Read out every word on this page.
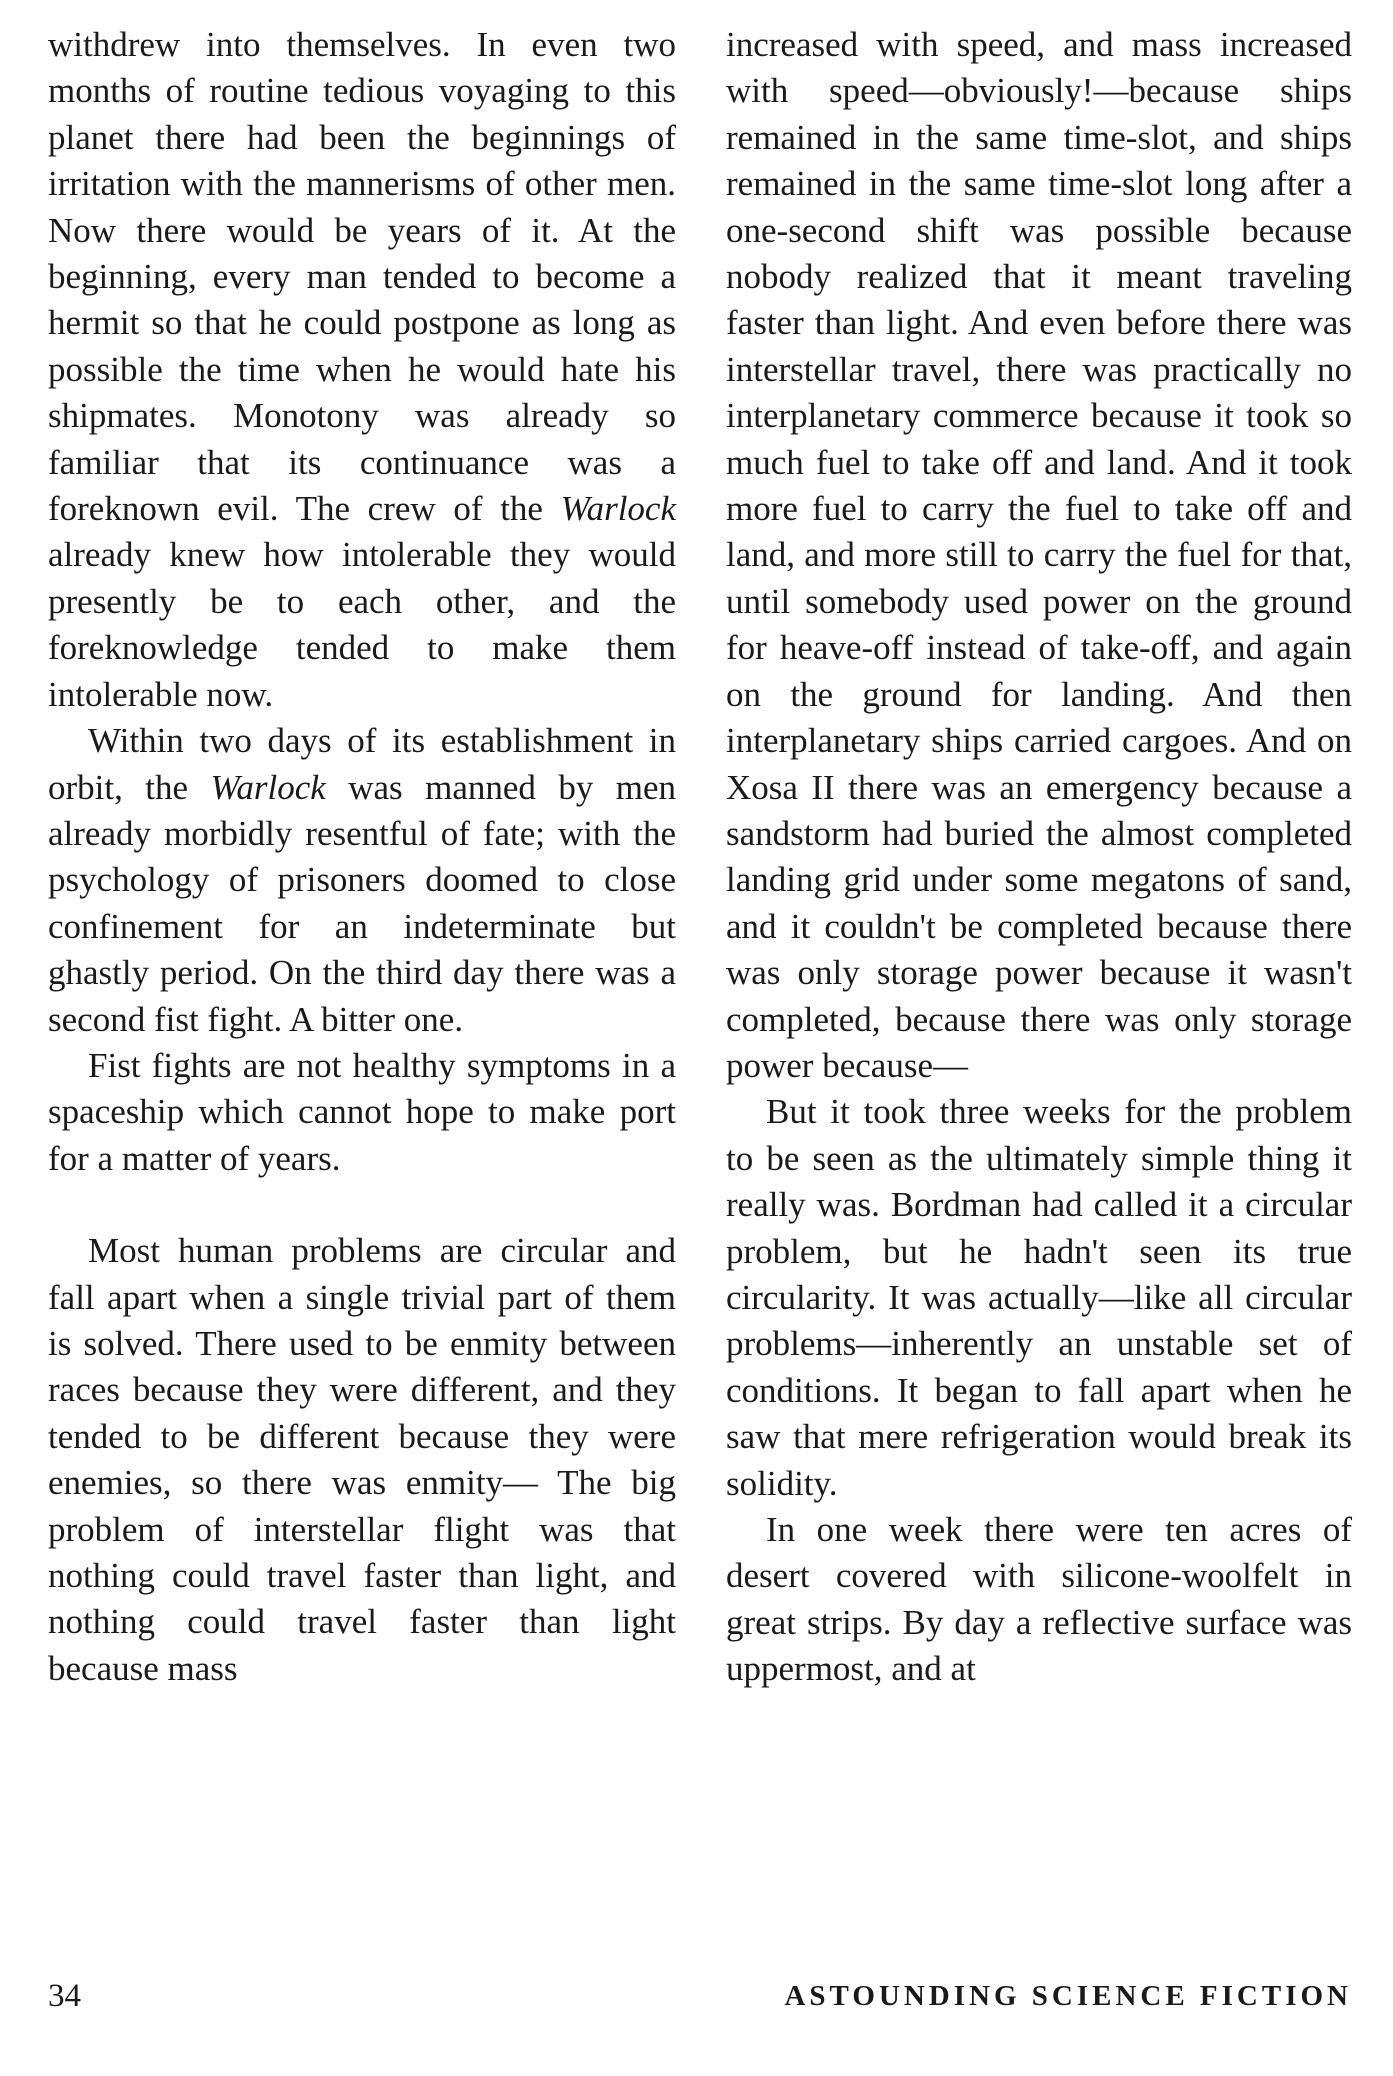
withdrew into themselves. In even two months of routine tedious voyaging to this planet there had been the beginnings of irritation with the mannerisms of other men. Now there would be years of it. At the beginning, every man tended to become a hermit so that he could postpone as long as possible the time when he would hate his shipmates. Monotony was already so familiar that its continuance was a foreknown evil. The crew of the Warlock already knew how intolerable they would presently be to each other, and the foreknowledge tended to make them intolerable now.

Within two days of its establishment in orbit, the Warlock was manned by men already morbidly resentful of fate; with the psychology of prisoners doomed to close confinement for an indeterminate but ghastly period. On the third day there was a second fist fight. A bitter one.

Fist fights are not healthy symptoms in a spaceship which cannot hope to make port for a matter of years.

Most human problems are circular and fall apart when a single trivial part of them is solved. There used to be enmity between races because they were different, and they tended to be different because they were enemies, so there was enmity— The big problem of interstellar flight was that nothing could travel faster than light, and nothing could travel faster than light because mass

increased with speed, and mass increased with speed—obviously!—because ships remained in the same time-slot, and ships remained in the same time-slot long after a one-second shift was possible because nobody realized that it meant traveling faster than light. And even before there was interstellar travel, there was practically no interplanetary commerce because it took so much fuel to take off and land. And it took more fuel to carry the fuel to take off and land, and more still to carry the fuel for that, until somebody used power on the ground for heave-off instead of take-off, and again on the ground for landing. And then interplanetary ships carried cargoes. And on Xosa II there was an emergency because a sandstorm had buried the almost completed landing grid under some megatons of sand, and it couldn't be completed because there was only storage power because it wasn't completed, because there was only storage power because—

But it took three weeks for the problem to be seen as the ultimately simple thing it really was. Bordman had called it a circular problem, but he hadn't seen its true circularity. It was actually—like all circular problems—inherently an unstable set of conditions. It began to fall apart when he saw that mere refrigeration would break its solidity.

In one week there were ten acres of desert covered with silicone-woolfelt in great strips. By day a reflective surface was uppermost, and at

34	ASTOUNDING SCIENCE FICTION
